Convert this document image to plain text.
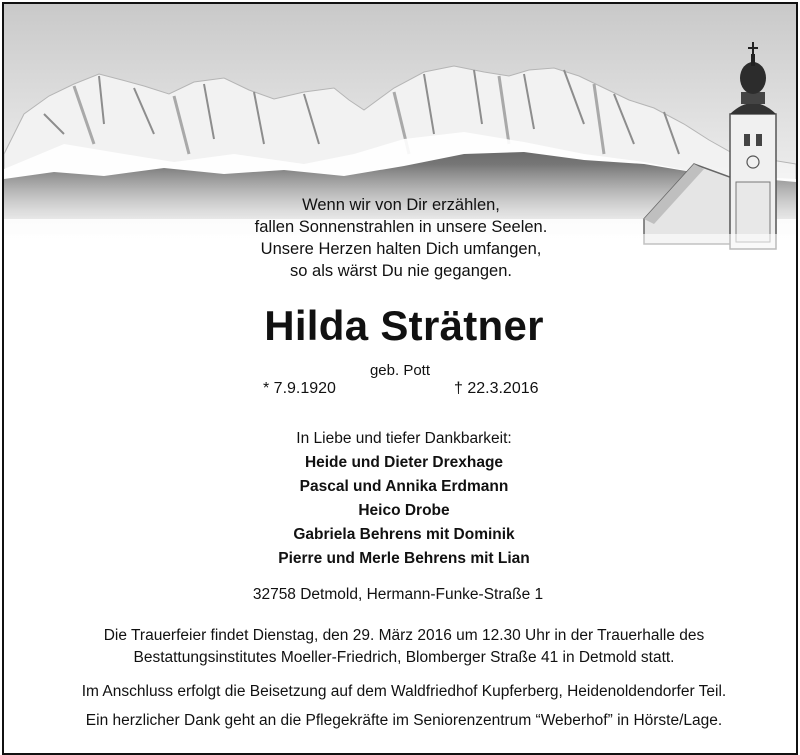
Wenn wir von Dir erzählen,
fallen Sonnenstrahlen in unsere Seelen.
Unsere Herzen halten Dich umfangen,
so als wärst Du nie gegangen.
Hilda Strätner
geb. Pott
* 7.9.1920	† 22.3.2016
In Liebe und tiefer Dankbarkeit:
Heide und Dieter Drexhage
Pascal und Annika Erdmann
Heico Drobe
Gabriela Behrens mit Dominik
Pierre und Merle Behrens mit Lian
32758 Detmold, Hermann-Funke-Straße 1
Die Trauerfeier findet Dienstag, den 29. März 2016 um 12.30 Uhr in der Trauerhalle des
Bestattungsinstitutes Moeller-Friedrich, Blomberger Straße 41 in Detmold statt.
Im Anschluss erfolgt die Beisetzung auf dem Waldfriedhof Kupferberg, Heidenoldendorfer Teil.
Ein herzlicher Dank geht an die Pflegekräfte im Seniorenzentrum “Weberhof” in Hörste/Lage.
